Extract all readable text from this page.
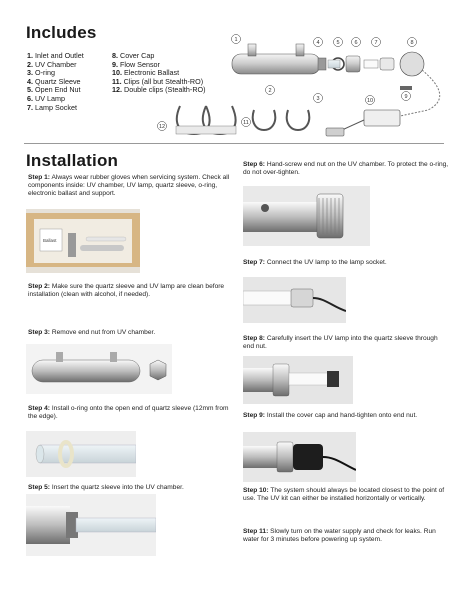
Includes
1. Inlet and Outlet
2. UV Chamber
3. O-ring
4. Quartz Sleeve
5. Open End Nut
6. UV Lamp
7. Lamp Socket
8. Cover Cap
9. Flow Sensor
10. Electronic Ballast
11. Clips (all but Stealth-RO)
12. Double clips (Stealth-RO)
1
2
3
4	5	6	7	8
9
10
11
12
Installation
Step 1: Always wear rubber gloves when servicing system. Check all components inside: UV chamber, UV lamp, quartz sleeve, o-ring, electronic ballast and support.
Ballast
Step 2: Make sure the quartz sleeve and UV lamp are clean before installation (clean with alcohol, if needed).
Step 3: Remove end nut from UV chamber.
Step 4: Install o-ring onto the open end of quartz sleeve (12mm from the edge).
Step 5: Insert the quartz sleeve into the UV chamber.
Step 6: Hand-screw end nut on the UV chamber. To protect the o-ring, do not over-tighten.
Step 7: Connect the UV lamp to the lamp socket.
Step 8: Carefully insert the UV lamp into the quartz sleeve through end nut.
Step 9: Install the cover cap and hand-tighten onto end nut.
Step 10: The system should always be located closest to the point of use. The UV kit can either be installed horizontally or vertically.
Step 11: Slowly turn on the water supply and check for leaks. Run water for 3 minutes before powering up system.
